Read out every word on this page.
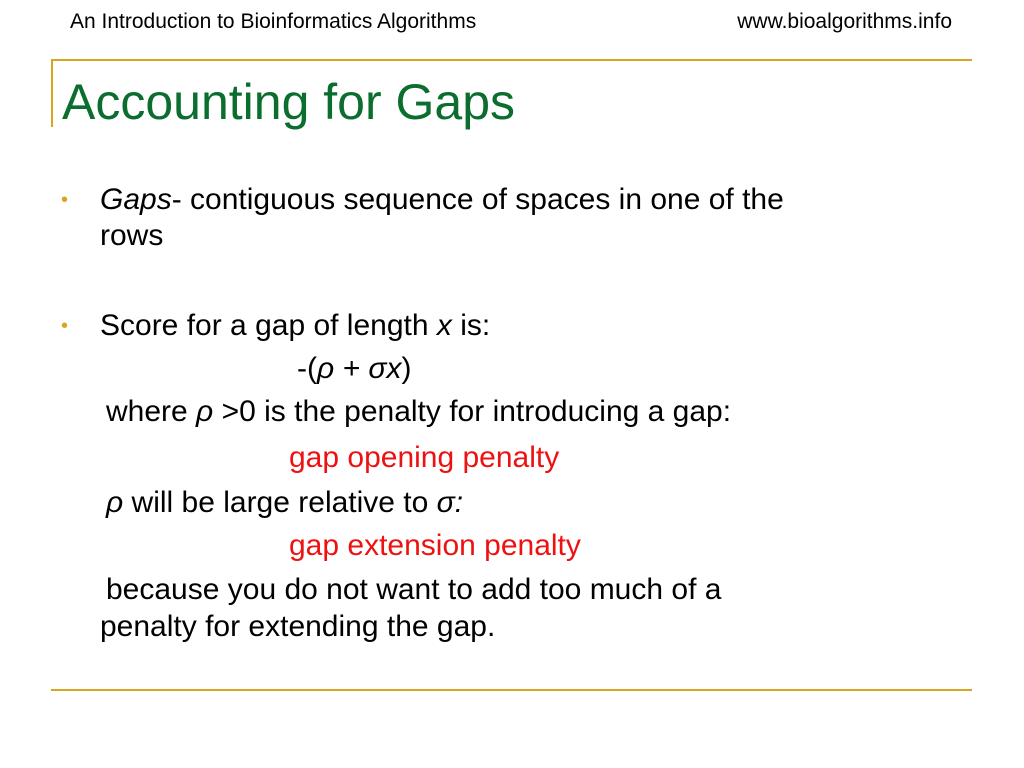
An Introduction to Bioinformatics Algorithms	www.bioalgorithms.info
Accounting for Gaps
• Gaps- contiguous sequence of spaces in one of the
rows
• Score for a gap of length x is:
-(ρ + σx)
where ρ >0 is the penalty for introducing a gap:
gap opening penalty
ρ will be large relative to σ:
gap extension penalty
because you do not want to add too much of a
penalty for extending the gap.
